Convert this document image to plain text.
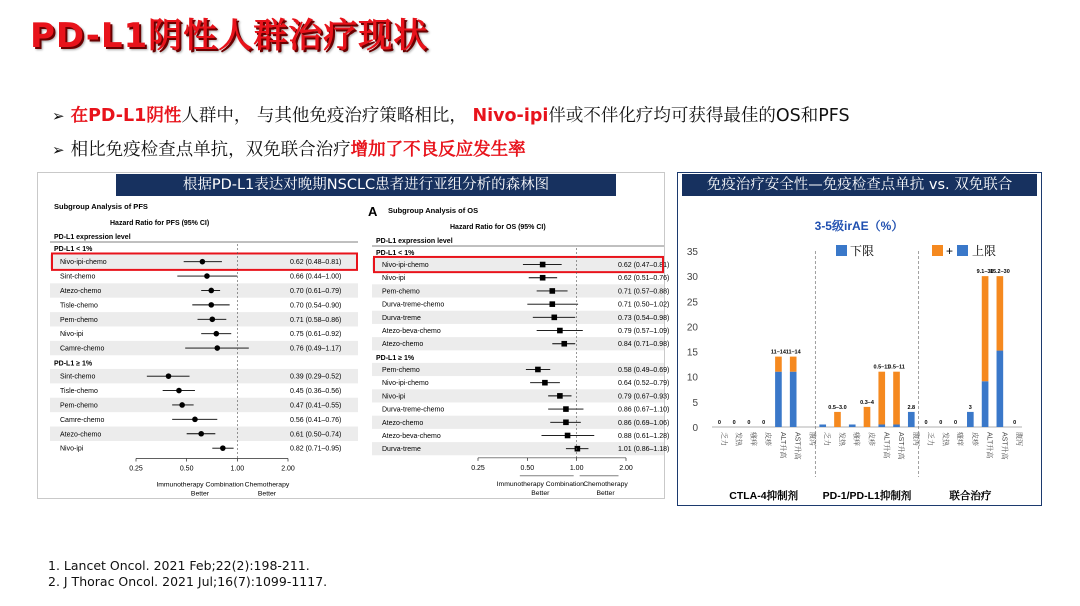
PD-L1阴性人群治疗现状
➢ 在PD-L1阴性人群中， 与其他免疫治疗策略相比， Nivo-ipi伴或不伴化疗均可获得最佳的OS和PFS
➢ 相比免疫检查点单抗，双免联合治疗增加了不良反应发生率
根据PD-L1表达对晚期NSCLC患者进行亚组分析的森林图
Subgroup Analysis of PFS
Hazard Ratio for PFS (95% CI)
PD-L1 expression level
PD-L1 < 1%
Nivo-ipi-chemo	0.62 (0.48–0.81)
Sint-chemo	0.66 (0.44–1.00)
Atezo-chemo	0.70 (0.61–0.79)
Tisle-chemo	0.70 (0.54–0.90)
Pem-chemo	0.71 (0.58–0.86)
Nivo-ipi	0.75 (0.61–0.92)
Camre-chemo	0.76 (0.49–1.17)
PD-L1 ≥ 1%
Sint-chemo	0.39 (0.29–0.52)
Tisle-chemo	0.45 (0.36–0.56)
Pem-chemo	0.47 (0.41–0.55)
Camre-chemo	0.56 (0.41–0.76)
Atezo-chemo	0.61 (0.50–0.74)
Nivo-ipi	0.82 (0.71–0.95)
0.25	0.50	1.00	2.00
Immunotherapy Combination
Better
Chemotherapy
Better
A Subgroup Analysis of OS
Hazard Ratio for OS (95% CI)
PD-L1 expression level
PD-L1 < 1%
Nivo-ipi-chemo	0.62 (0.47–0.81)
Nivo-ipi	0.62 (0.51–0.76)
Pem-chemo	0.71 (0.57–0.88)
Durva-treme-chemo	0.71 (0.50–1.02)
Durva-treme	0.73 (0.54–0.98)
Atezo-beva-chemo	0.79 (0.57–1.09)
Atezo-chemo	0.84 (0.71–0.98)
PD-L1 ≥ 1%
Pem-chemo	0.58 (0.49–0.69)
Nivo-ipi-chemo	0.64 (0.52–0.79)
Nivo-ipi	0.79 (0.67–0.93)
Durva-treme-chemo	0.86 (0.67–1.10)
Atezo-chemo	0.86 (0.69–1.06)
Atezo-beva-chemo	0.88 (0.61–1.28)
Durva-treme	1.01 (0.86–1.18)
0.25	0.50	1.00	2.00
Immunotherapy Combination
Better
Chemotherapy
Better
免疫治疗安全性—免疫检查点单抗 vs. 双免联合
3-5级irAE（%）
下限	+ 上限
0
5
10
15
20
25
30
35
0
乏力
0
发热
0
瘙痒
0
皮疹
11–14
ALT升高
11–14
AST升高 腹泻
CTLA-4抑制剂
乏力
0.5–3.0
发热 瘙痒
0.3–4
皮疹
0.5–11
ALT升高
0.5–11
AST升高
2.8
腹泻
PD-1/PD-L1抑制剂
0
乏力
0
发热
0
瘙痒
3
皮疹
9.1–30
ALT升高
15.2–30
AST升高
0
腹泻
联合治疗
1. Lancet Oncol. 2021 Feb;22(2):198-211.
2. J Thorac Oncol. 2021 Jul;16(7):1099-1117.
